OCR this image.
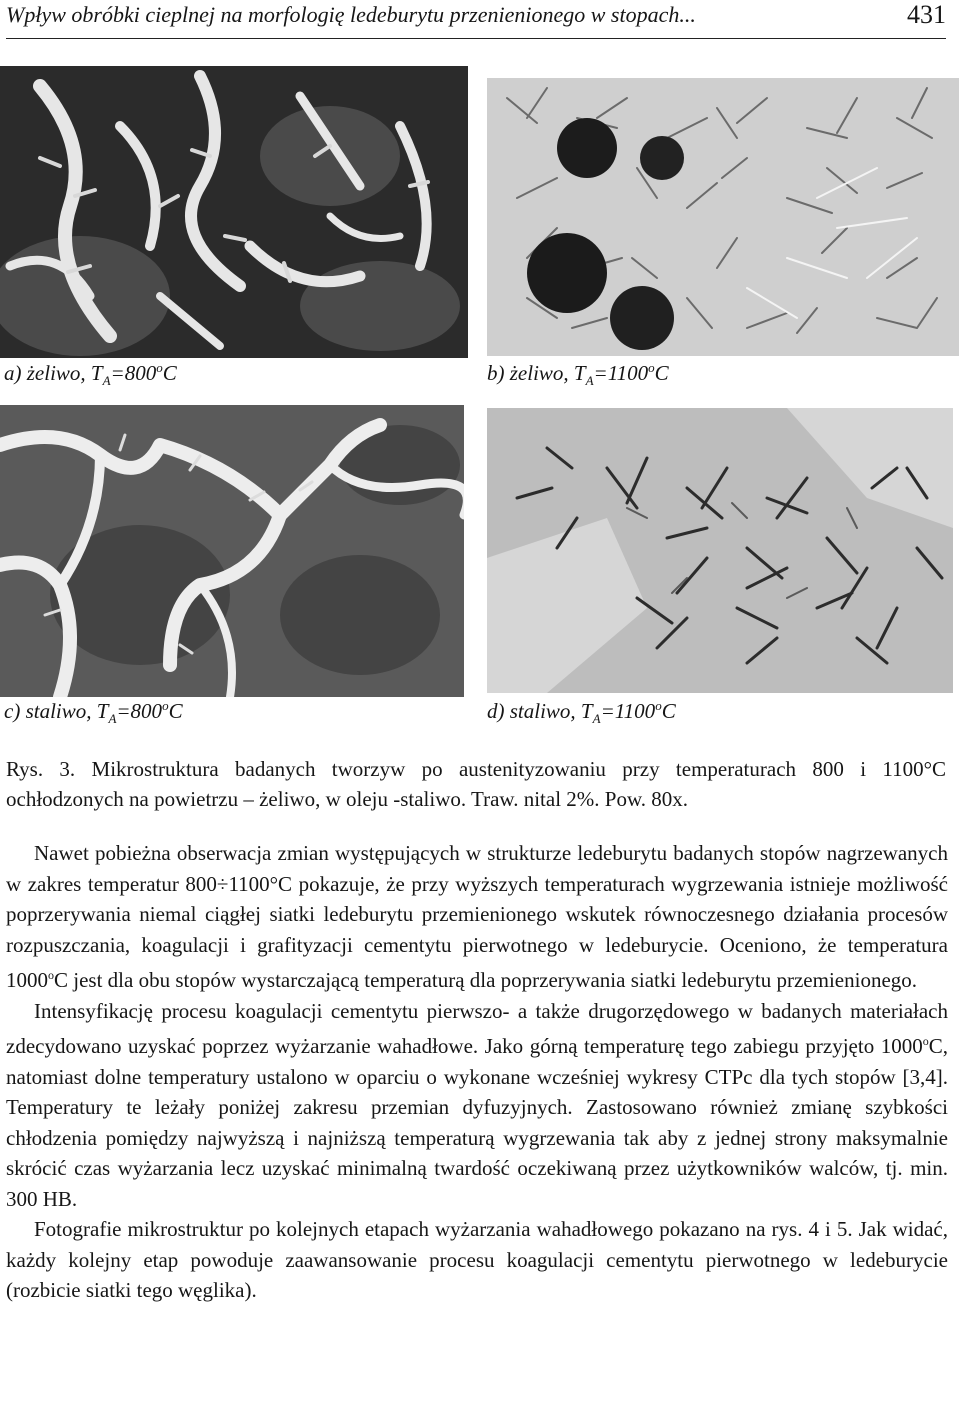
Wpływ obróbki cieplnej na morfologię ledeburytu przenienionego w stopach...	431
a) żeliwo, $T_A=800^oC$	b) żeliwo, $T_A=1100^oC$
c) staliwo, $T_A=800^oC$	d) staliwo, $T_A=1100^oC$
Rys. 3. Mikrostruktura badanych tworzyw po austenityzowaniu przy temperaturach 800 i 1100°C ochłodzonych na powietrzu – żeliwo, w oleju -staliwo. Traw. nital 2%. Pow. 80x.

Nawet pobieżna obserwacja zmian występujących w strukturze ledeburytu badanych stopów nagrzewanych w zakres temperatur 800÷1100°C pokazuje, że przy wyższych temperaturach wygrzewania istnieje możliwość poprzerywania niemal ciągłej siatki ledeburytu przemienionego wskutek równoczesnego działania procesów rozpuszczania, koagulacji i grafityzacji cementytu pierwotnego w ledeburycie. Oceniono, że temperatura 1000$^o$C jest dla obu stopów wystarczającą temperaturą dla poprzerywania siatki ledeburytu przemienionego.

Intensyfikację procesu koagulacji cementytu pierwszo- a także drugorzędowego w badanych materiałach zdecydowano uzyskać poprzez wyżarzanie wahadłowe. Jako górną temperaturę tego zabiegu przyjęto 1000$^o$C, natomiast dolne temperatury ustalono w oparciu o wykonane wcześniej wykresy CTPc dla tych stopów [3,4]. Temperatury te leżały poniżej zakresu przemian dyfuzyjnych. Zastosowano również zmianę szybkości chłodzenia pomiędzy najwyższą i najniższą temperaturą wygrzewania tak aby z jednej strony maksymalnie skrócić czas wyżarzania lecz uzyskać minimalną twardość oczekiwaną przez użytkowników walców, tj. min. 300 HB.

Fotografie mikrostruktur po kolejnych etapach wyżarzania wahadłowego pokazano na rys. 4 i 5. Jak widać, każdy kolejny etap powoduje zaawansowanie procesu koagulacji cementytu pierwotnego w ledeburycie (rozbicie siatki tego węglika).
